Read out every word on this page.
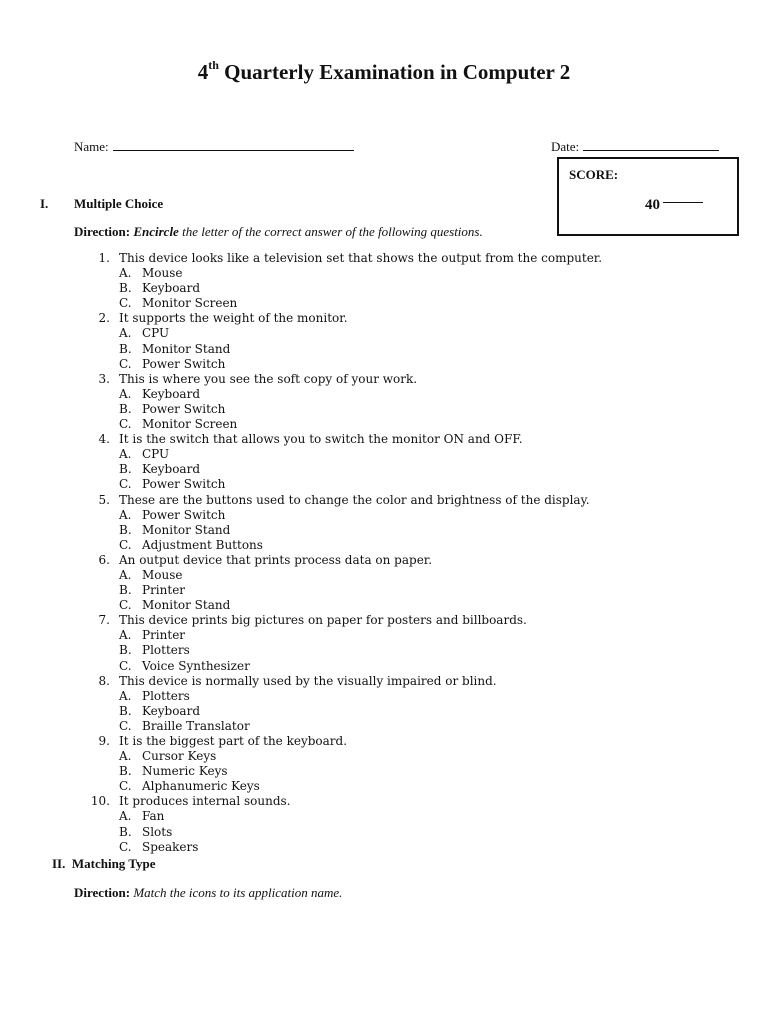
4th Quarterly Examination in Computer 2
Name:	Date:
SCORE:
40
I. Multiple Choice
Direction: Encircle the letter of the correct answer of the following questions.
1. This device looks like a television set that shows the output from the computer.
A. Mouse
B. Keyboard
C. Monitor Screen
2. It supports the weight of the monitor.
A. CPU
B. Monitor Stand
C. Power Switch
3. This is where you see the soft copy of your work.
A. Keyboard
B. Power Switch
C. Monitor Screen
4. It is the switch that allows you to switch the monitor ON and OFF.
A. CPU
B. Keyboard
C. Power Switch
5. These are the buttons used to change the color and brightness of the display.
A. Power Switch
B. Monitor Stand
C. Adjustment Buttons
6. An output device that prints process data on paper.
A. Mouse
B. Printer
C. Monitor Stand
7. This device prints big pictures on paper for posters and billboards.
A. Printer
B. Plotters
C. Voice Synthesizer
8. This device is normally used by the visually impaired or blind.
A. Plotters
B. Keyboard
C. Braille Translator
9. It is the biggest part of the keyboard.
A. Cursor Keys
B. Numeric Keys
C. Alphanumeric Keys
10. It produces internal sounds.
A. Fan
B. Slots
C. Speakers
II.  Matching Type
Direction: Match the icons to its application name.
